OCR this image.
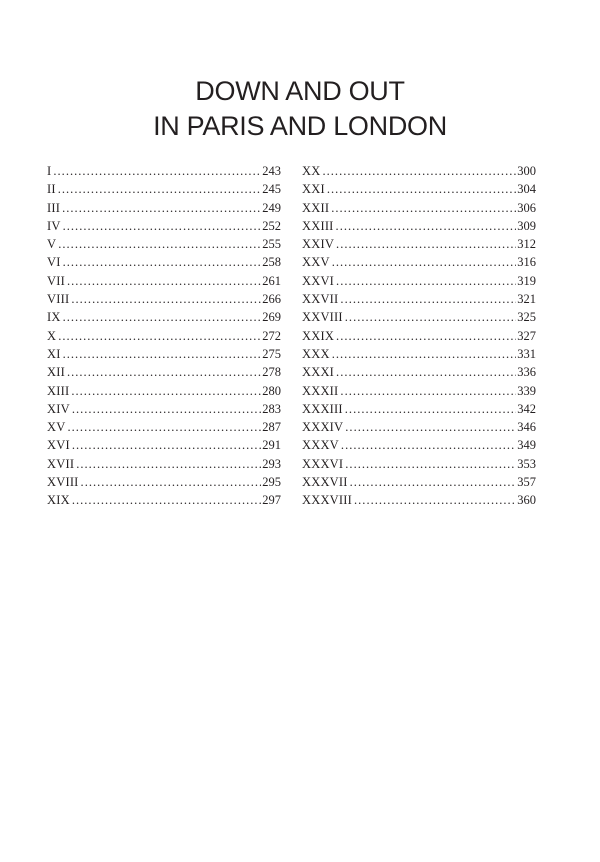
DOWN AND OUT
IN PARIS AND LONDON
I . . .	243
II . . .	245
III . . .	249
IV . . .	252
V . . .	255
VI . . .	258
VII . . .	261
VIII . . .	266
IX . . .	269
X . . .	272
XI . . .	275
XII . . .	278
XIII . . .	280
XIV . . .	283
XV . . .	287
XVI . . .	291
XVII . . .	293
XVIII . . .	295
XIX . . .	297
XX . . .	300
XXI . . .	304
XXII . . .	306
XXIII . . .	309
XXIV . . .	312
XXV . . .	316
XXVI . . .	319
XXVII . . .	321
XXVIII . . .	325
XXIX . . .	327
XXX . . .	331
XXXI . . .	336
XXXII . . .	339
XXXIII . . .	342
XXXIV . . .	346
XXXV . . .	349
XXXVI . . .	353
XXXVII . . .	357
XXXVIII . . .	360
